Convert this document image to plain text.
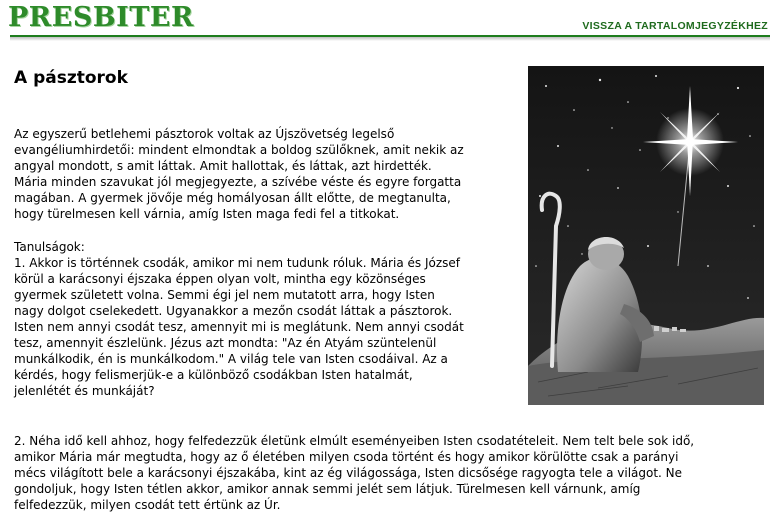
PRESBITER	VISSZA A TARTALOMJEGYZÉKHEZ
A pásztorok

Az egyszerű betlehemi pásztorok voltak az Újszövetség legelső

evangéliumhirdetői: mindent elmondtak a boldog szülőknek, amit nekik az

angyal mondott, s amit láttak. Amit hallottak, és láttak, azt hirdették.

Mária minden szavukat jól megjegyezte, a szívébe véste és egyre forgatta

magában. A gyermek jövője még homályosan állt előtte, de megtanulta,

hogy türelmesen kell várnia, amíg Isten maga fedi fel a titkokat.

Tanulságok:

1. Akkor is történnek csodák, amikor mi nem tudunk róluk. Mária és József

körül a karácsonyi éjszaka éppen olyan volt, mintha egy közönséges

gyermek született volna. Semmi égi jel nem mutatott arra, hogy Isten

nagy dolgot cselekedett. Ugyanakkor a mezőn csodát láttak a pásztorok.

Isten nem annyi csodát tesz, amennyit mi is meglátunk. Nem annyi csodát

tesz, amennyit észlelünk. Jézus azt mondta: "Az én Atyám szüntelenül

munkálkodik, én is munkálkodom." A világ tele van Isten csodáival. Az a

kérdés, hogy felismerjük-e a különböző csodákban Isten hatalmát,

jelenlétét és munkáját?

2. Néha idő kell ahhoz, hogy felfedezzük életünk elmúlt eseményeiben Isten csodatételeit. Nem telt bele sok idő,

amikor Mária már megtudta, hogy az ő életében milyen csoda történt és hogy amikor körülötte csak a parányi

mécs világított bele a karácsonyi éjszakába, kint az ég világossága, Isten dicsősége ragyogta tele a világot. Ne

gondoljuk, hogy Isten tétlen akkor, amikor annak semmi jelét sem látjuk. Türelmesen kell várnunk, amíg

felfedezzük, milyen csodát tett értünk az Úr.
